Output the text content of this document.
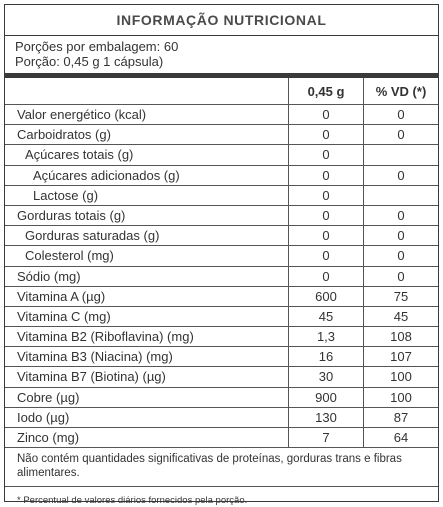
INFORMAÇÃO NUTRICIONAL
Porções por embalagem: 60
Porção: 0,45 g 1 cápsula)
0,45 g	% VD (*)
Valor energético (kcal)	0	0
Carboidratos (g)	0	0
Açúcares totais (g)	0
Açúcares adicionados (g)	0	0
Lactose (g)	0
Gorduras totais (g)	0	0
Gorduras saturadas (g)	0	0
Colesterol (mg)	0	0
Sódio (mg)	0	0
Vitamina A (µg)	600	75
Vitamina C (mg)	45	45
Vitamina B2 (Riboflavina) (mg)	1,3	108
Vitamina B3 (Niacina) (mg)	16	107
Vitamina B7 (Biotina) (µg)	30	100
Cobre (µg)	900	100
Iodo (µg)	130	87
Zinco (mg)	7	64
Não contém quantidades significativas de proteínas, gorduras trans e fibras alimentares.
* Percentual de valores diários fornecidos pela porção.
